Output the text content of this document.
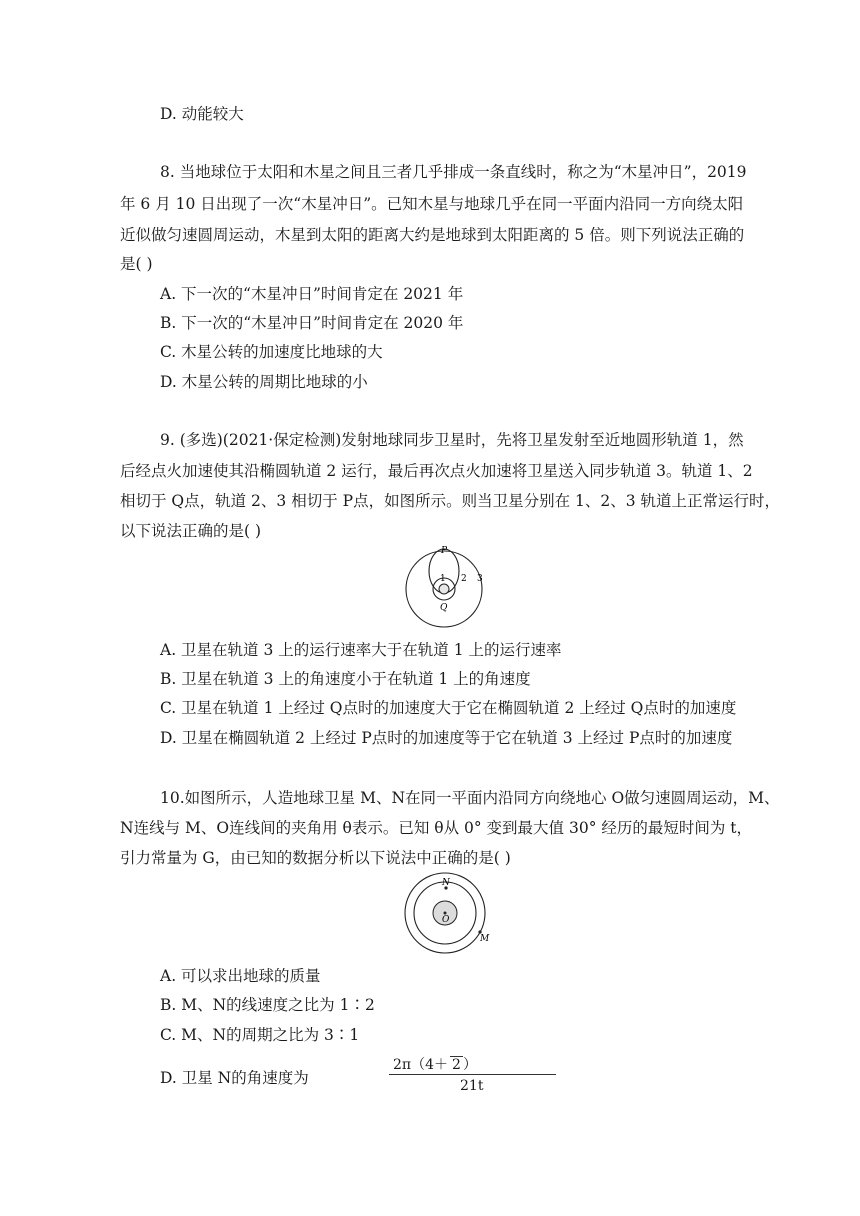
D. 动能较大
8. 当地球位于太阳和木星之间且三者几乎排成一条直线时，称之为“木星冲日”，2019
年 6 月 10 日出现了一次“木星冲日”。已知木星与地球几乎在同一平面内沿同一方向绕太阳
近似做匀速圆周运动，木星到太阳的距离大约是地球到太阳距离的 5 倍。则下列说法正确的
是( )
A. 下一次的“木星冲日”时间肯定在 2021 年
B. 下一次的“木星冲日”时间肯定在 2020 年
C. 木星公转的加速度比地球的大
D. 木星公转的周期比地球的小
9. (多选)(2021·保定检测)发射地球同步卫星时，先将卫星发射至近地圆形轨道 1，然
后经点火加速使其沿椭圆轨道 2 运行，最后再次点火加速将卫星送入同步轨道 3。轨道 1、2
相切于 Q点，轨道 2、3 相切于 P点，如图所示。则当卫星分别在 1、2、3 轨道上正常运行时，
以下说法正确的是( )
P
1 2 3
Q
A. 卫星在轨道 3 上的运行速率大于在轨道 1 上的运行速率
B. 卫星在轨道 3 上的角速度小于在轨道 1 上的角速度
C. 卫星在轨道 1 上经过 Q点时的加速度大于它在椭圆轨道 2 上经过 Q点时的加速度
D. 卫星在椭圆轨道 2 上经过 P点时的加速度等于它在轨道 3 上经过 P点时的加速度
10.如图所示，人造地球卫星 M、N在同一平面内沿同方向绕地心 O做匀速圆周运动，M、
N连线与 M、O连线间的夹角用 θ表示。已知 θ从 0° 变到最大值 30° 经历的最短时间为 t，
引力常量为 G，由已知的数据分析以下说法中正确的是( )
N
O
M
A. 可以求出地球的质量
B. M、N的线速度之比为 1∶2
C. M、N的周期之比为 3∶1
D. 卫星 N的角速度为
2π（4＋ 2 ）
21t
